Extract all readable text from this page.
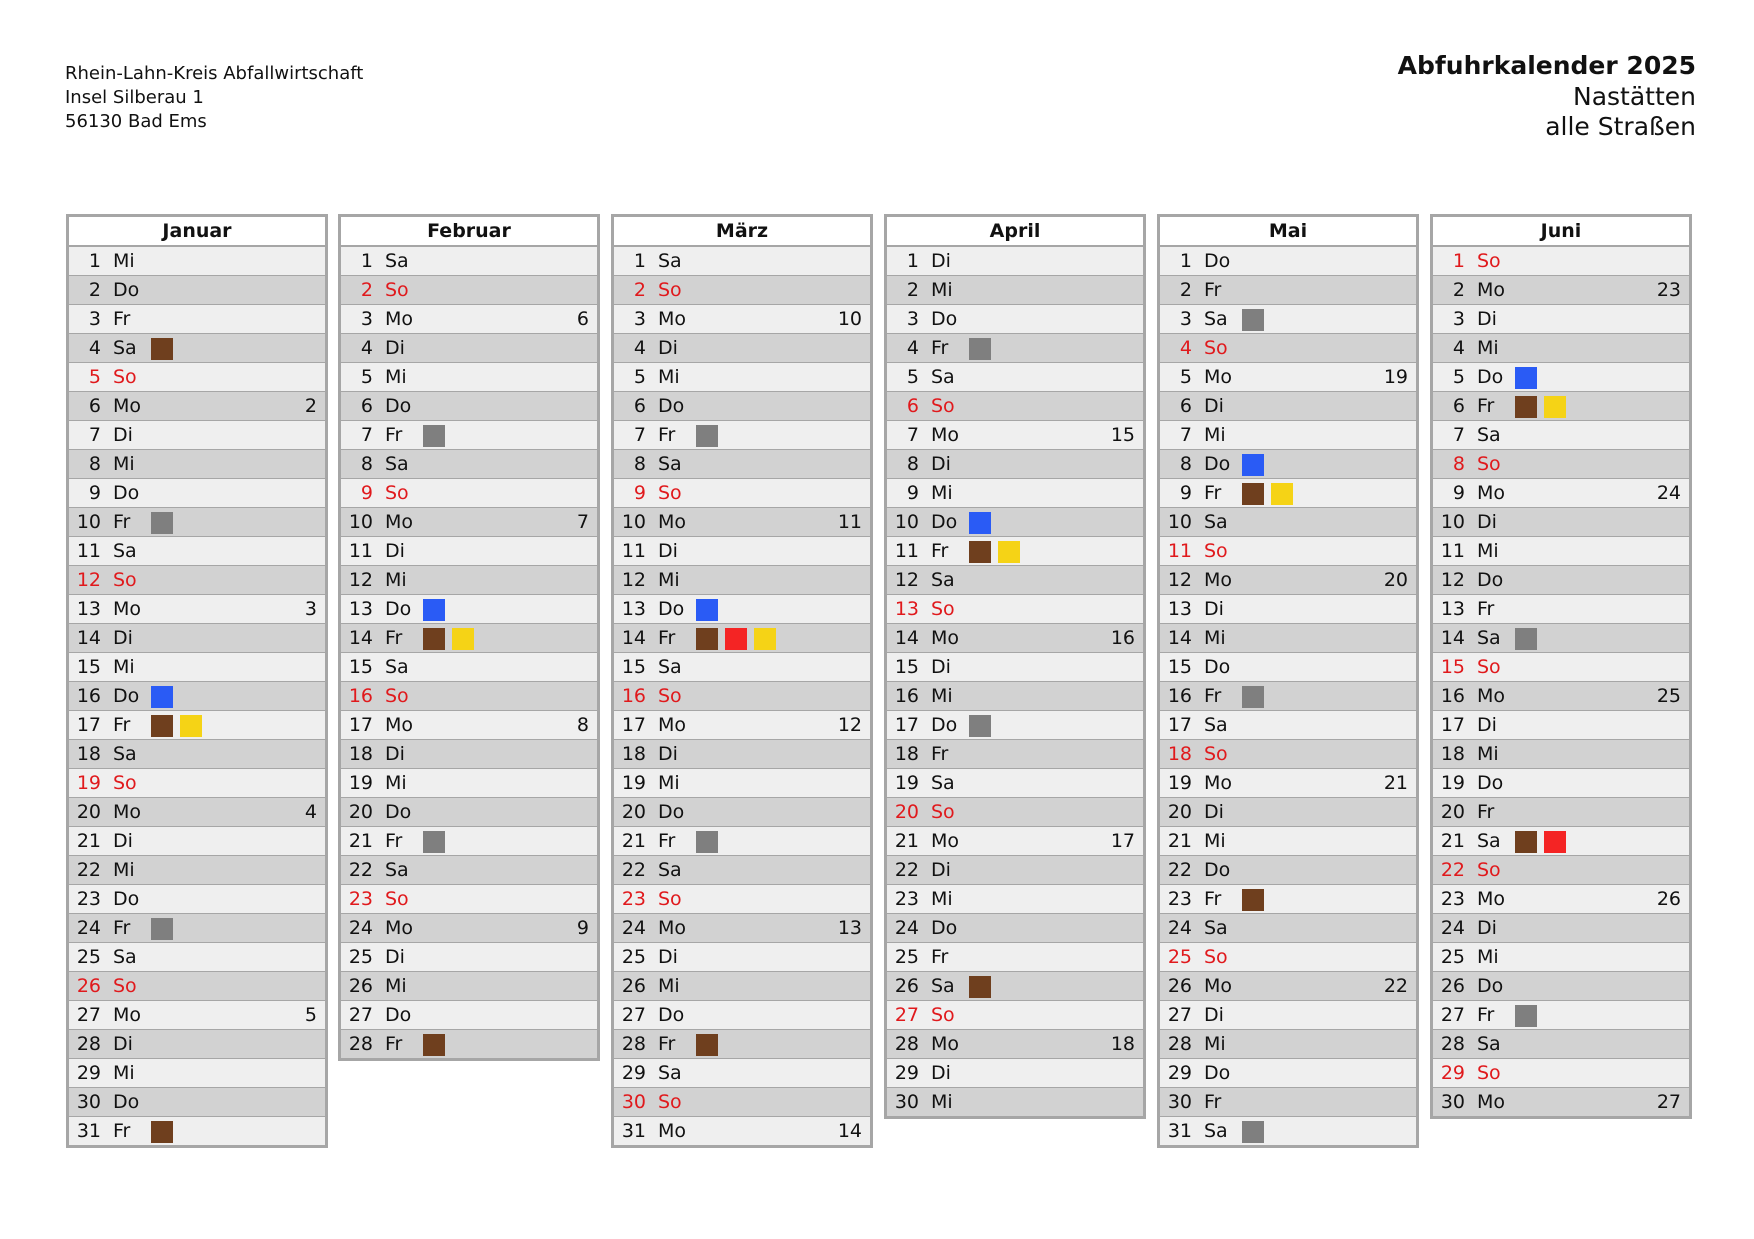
Rhein-Lahn-Kreis Abfallwirtschaft
Insel Silberau 1
56130 Bad Ems
Abfuhrkalender 2025
Nastätten
alle Straßen
Januar
1 Mi
2 Do
3 Fr
4 Sa
5 So
6 Mo	2
7 Di
8 Mi
9 Do
10 Fr
11 Sa
12 So
13 Mo	3
14 Di
15 Mi
16 Do
17 Fr
18 Sa
19 So
20 Mo	4
21 Di
22 Mi
23 Do
24 Fr
25 Sa
26 So
27 Mo	5
28 Di
29 Mi
30 Do
31 Fr
Februar
1 Sa
2 So
3 Mo	6
4 Di
5 Mi
6 Do
7 Fr
8 Sa
9 So
10 Mo	7
11 Di
12 Mi
13 Do
14 Fr
15 Sa
16 So
17 Mo	8
18 Di
19 Mi
20 Do
21 Fr
22 Sa
23 So
24 Mo	9
25 Di
26 Mi
27 Do
28 Fr
März
1 Sa
2 So
3 Mo	10
4 Di
5 Mi
6 Do
7 Fr
8 Sa
9 So
10 Mo	11
11 Di
12 Mi
13 Do
14 Fr
15 Sa
16 So
17 Mo	12
18 Di
19 Mi
20 Do
21 Fr
22 Sa
23 So
24 Mo	13
25 Di
26 Mi
27 Do
28 Fr
29 Sa
30 So
31 Mo	14
April
1 Di
2 Mi
3 Do
4 Fr
5 Sa
6 So
7 Mo	15
8 Di
9 Mi
10 Do
11 Fr
12 Sa
13 So
14 Mo	16
15 Di
16 Mi
17 Do
18 Fr
19 Sa
20 So
21 Mo	17
22 Di
23 Mi
24 Do
25 Fr
26 Sa
27 So
28 Mo	18
29 Di
30 Mi
Mai
1 Do
2 Fr
3 Sa
4 So
5 Mo	19
6 Di
7 Mi
8 Do
9 Fr
10 Sa
11 So
12 Mo	20
13 Di
14 Mi
15 Do
16 Fr
17 Sa
18 So
19 Mo	21
20 Di
21 Mi
22 Do
23 Fr
24 Sa
25 So
26 Mo	22
27 Di
28 Mi
29 Do
30 Fr
31 Sa
Juni
1 So
2 Mo	23
3 Di
4 Mi
5 Do
6 Fr
7 Sa
8 So
9 Mo	24
10 Di
11 Mi
12 Do
13 Fr
14 Sa
15 So
16 Mo	25
17 Di
18 Mi
19 Do
20 Fr
21 Sa
22 So
23 Mo	26
24 Di
25 Mi
26 Do
27 Fr
28 Sa
29 So
30 Mo	27
